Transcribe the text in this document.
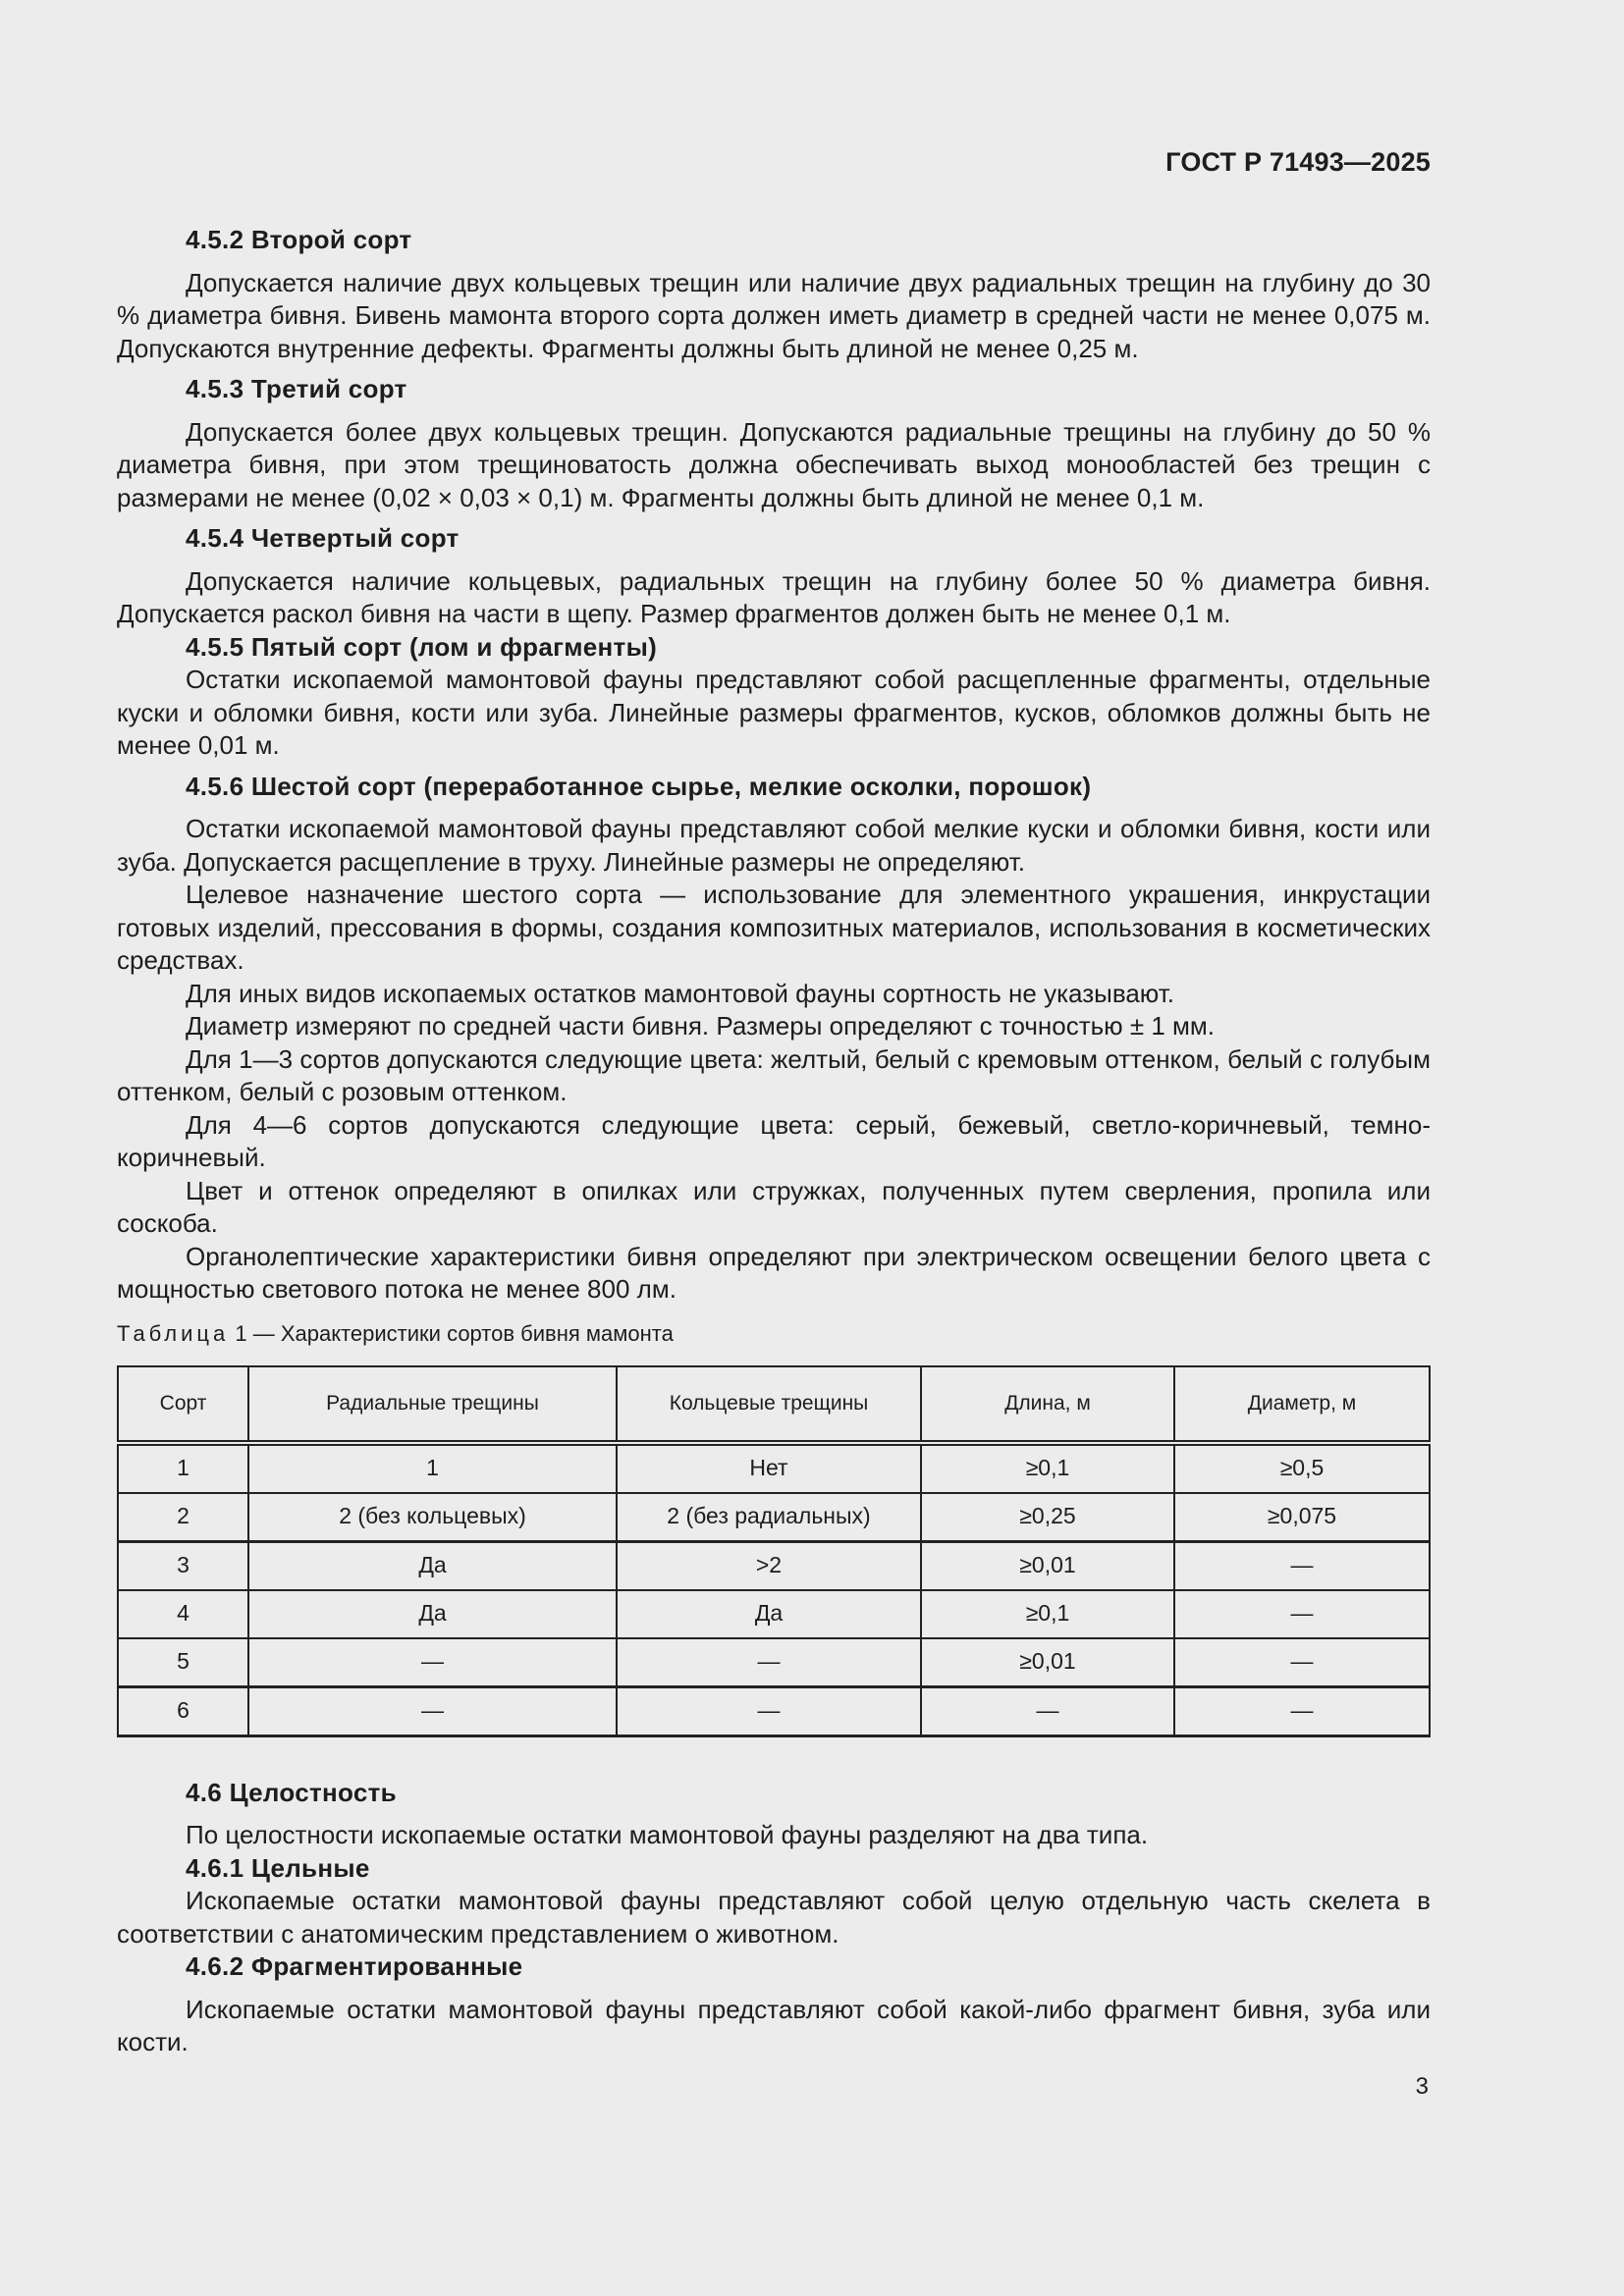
ГОСТ Р 71493—2025

4.5.2 Второй сорт

Допускается наличие двух кольцевых трещин или наличие двух радиальных трещин на глубину до 30 % диаметра бивня. Бивень мамонта второго сорта должен иметь диаметр в средней части не менее 0,075 м. Допускаются внутренние дефекты. Фрагменты должны быть длиной не менее 0,25 м.

4.5.3 Третий сорт

Допускается более двух кольцевых трещин. Допускаются радиальные трещины на глубину до 50 % диаметра бивня, при этом трещиноватость должна обеспечивать выход монообластей без трещин с размерами не менее (0,02 × 0,03 × 0,1) м. Фрагменты должны быть длиной не менее 0,1 м.

4.5.4 Четвертый сорт

Допускается наличие кольцевых, радиальных трещин на глубину более 50 % диаметра бивня. Допускается раскол бивня на части в щепу. Размер фрагментов должен быть не менее 0,1 м.

4.5.5 Пятый сорт (лом и фрагменты)

Остатки ископаемой мамонтовой фауны представляют собой расщепленные фрагменты, отдельные куски и обломки бивня, кости или зуба. Линейные размеры фрагментов, кусков, обломков должны быть не менее 0,01 м.

4.5.6 Шестой сорт (переработанное сырье, мелкие осколки, порошок)

Остатки ископаемой мамонтовой фауны представляют собой мелкие куски и обломки бивня, кости или зуба. Допускается расщепление в труху. Линейные размеры не определяют.

Целевое назначение шестого сорта — использование для элементного украшения, инкрустации готовых изделий, прессования в формы, создания композитных материалов, использования в косметических средствах.

Для иных видов ископаемых остатков мамонтовой фауны сортность не указывают.

Диаметр измеряют по средней части бивня. Размеры определяют с точностью ± 1 мм.

Для 1—3 сортов допускаются следующие цвета: желтый, белый с кремовым оттенком, белый с голубым оттенком, белый с розовым оттенком.

Для 4—6 сортов допускаются следующие цвета: серый, бежевый, светло-коричневый, темно-коричневый.

Цвет и оттенок определяют в опилках или стружках, полученных путем сверления, пропила или соскоба.

Органолептические характеристики бивня определяют при электрическом освещении белого цвета с мощностью светового потока не менее 800 лм.

Таблица 1 — Характеристики сортов бивня мамонта
Сорт	Радиальные трещины	Кольцевые трещины	Длина, м	Диаметр, м
1	1	Нет	≥0,1	≥0,5
2	2 (без кольцевых)	2 (без радиальных)	≥0,25	≥0,075
3	Да	>2	≥0,01	—
4	Да	Да	≥0,1	—
5	—	—	≥0,01	—
6	—	—	—	—

4.6 Целостность

По целостности ископаемые остатки мамонтовой фауны разделяют на два типа.

4.6.1 Цельные

Ископаемые остатки мамонтовой фауны представляют собой целую отдельную часть скелета в соответствии с анатомическим представлением о животном.

4.6.2 Фрагментированные

Ископаемые остатки мамонтовой фауны представляют собой какой-либо фрагмент бивня, зуба или кости.

3
